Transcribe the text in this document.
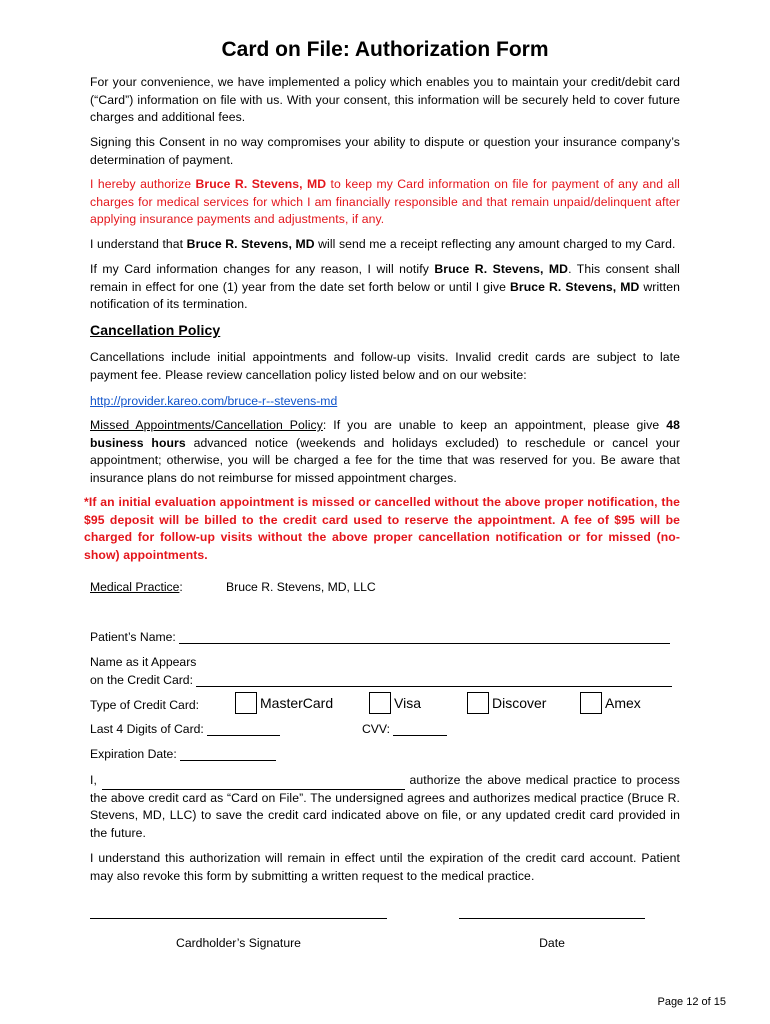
Card on File: Authorization Form

For your convenience, we have implemented a policy which enables you to maintain your credit/debit card (“Card”) information on file with us. With your consent, this information will be securely held to cover future charges and additional fees.

Signing this Consent in no way compromises your ability to dispute or question your insurance company’s determination of payment.

I hereby authorize Bruce R. Stevens, MD to keep my Card information on file for payment of any and all charges for medical services for which I am financially responsible and that remain unpaid/delinquent after applying insurance payments and adjustments, if any.

I understand that Bruce R. Stevens, MD will send me a receipt reflecting any amount charged to my Card.

If my Card information changes for any reason, I will notify Bruce R. Stevens, MD. This consent shall remain in effect for one (1) year from the date set forth below or until I give Bruce R. Stevens, MD written notification of its termination.

Cancellation Policy

Cancellations include initial appointments and follow-up visits. Invalid credit cards are subject to late payment fee. Please review cancellation policy listed below and on our website:

http://provider.kareo.com/bruce-r--stevens-md

Missed Appointments/Cancellation Policy: If you are unable to keep an appointment, please give 48 business hours advanced notice (weekends and holidays excluded) to reschedule or cancel your appointment; otherwise, you will be charged a fee for the time that was reserved for you. Be aware that insurance plans do not reimburse for missed appointment charges.

*If an initial evaluation appointment is missed or cancelled without the above proper notification, the $95 deposit will be billed to the credit card used to reserve the appointment. A fee of $95 will be charged for follow-up visits without the above proper cancellation notification or for missed (no-show) appointments.

Medical Practice:	Bruce R. Stevens, MD, LLC
Patient’s Name:
Name as it Appears
on the Credit Card:
Type of Credit Card:	MasterCard	Visa	Discover	Amex
Last 4 Digits of Card:	CVV:
Expiration Date:

I,	authorize the above medical practice to process the above credit card as “Card on File”. The undersigned agrees and authorizes medical practice (Bruce R. Stevens, MD, LLC) to save the credit card indicated above on file, or any updated credit card provided in the future.

I understand this authorization will remain in effect until the expiration of the credit card account. Patient may also revoke this form by submitting a written request to the medical practice.

Cardholder’s Signature	Date
Page 12 of 15
